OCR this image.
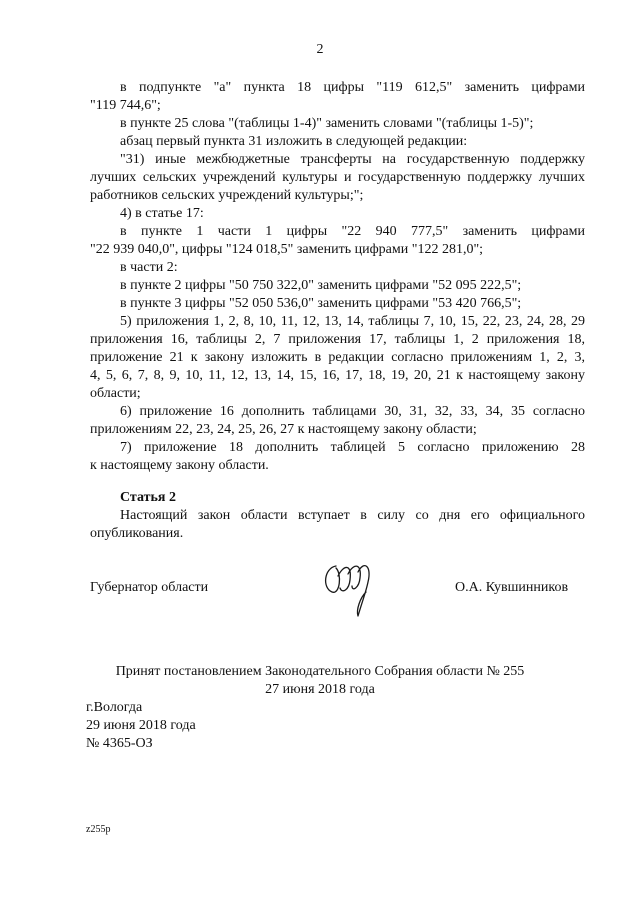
2

в подпункте "а" пункта 18 цифры "119 612,5" заменить цифрами

"119 744,6";

в пункте 25 слова "(таблицы 1-4)" заменить словами "(таблицы 1-5)";

абзац первый пункта 31 изложить в следующей редакции:

"31) иные межбюджетные трансферты на государственную поддержку

лучших сельских учреждений культуры и государственную поддержку лучших

работников сельских учреждений культуры;";

4) в статье 17:

в пункте 1 части 1 цифры "22 940 777,5" заменить цифрами

"22 939 040,0", цифры "124 018,5" заменить цифрами "122 281,0";

в части 2:

в пункте 2 цифры "50 750 322,0" заменить цифрами "52 095 222,5";

в пункте 3 цифры "52 050 536,0" заменить цифрами "53 420 766,5";

5) приложения 1, 2, 8, 10, 11, 12, 13, 14, таблицы 7, 10, 15, 22, 23, 24, 28, 29

приложения 16, таблицы 2, 7 приложения 17, таблицы 1, 2 приложения 18,

приложение 21 к закону изложить в редакции согласно приложениям 1, 2, 3,

4, 5, 6, 7, 8, 9, 10, 11, 12, 13, 14, 15, 16, 17, 18, 19, 20, 21 к настоящему закону

области;

6) приложение 16 дополнить таблицами 30, 31, 32, 33, 34, 35 согласно

приложениям 22, 23, 24, 25, 26, 27 к настоящему закону области;

7) приложение 18 дополнить таблицей 5 согласно приложению 28

к настоящему закону области.

Статья 2

Настоящий закон области вступает в силу со дня его официального

опубликования.

Губернатор области	О.А. Кувшинников

Принят постановлением Законодательного Собрания области № 255

27 июня 2018 года

г.Вологда

29 июня 2018 года

№ 4365-ОЗ

z255p
